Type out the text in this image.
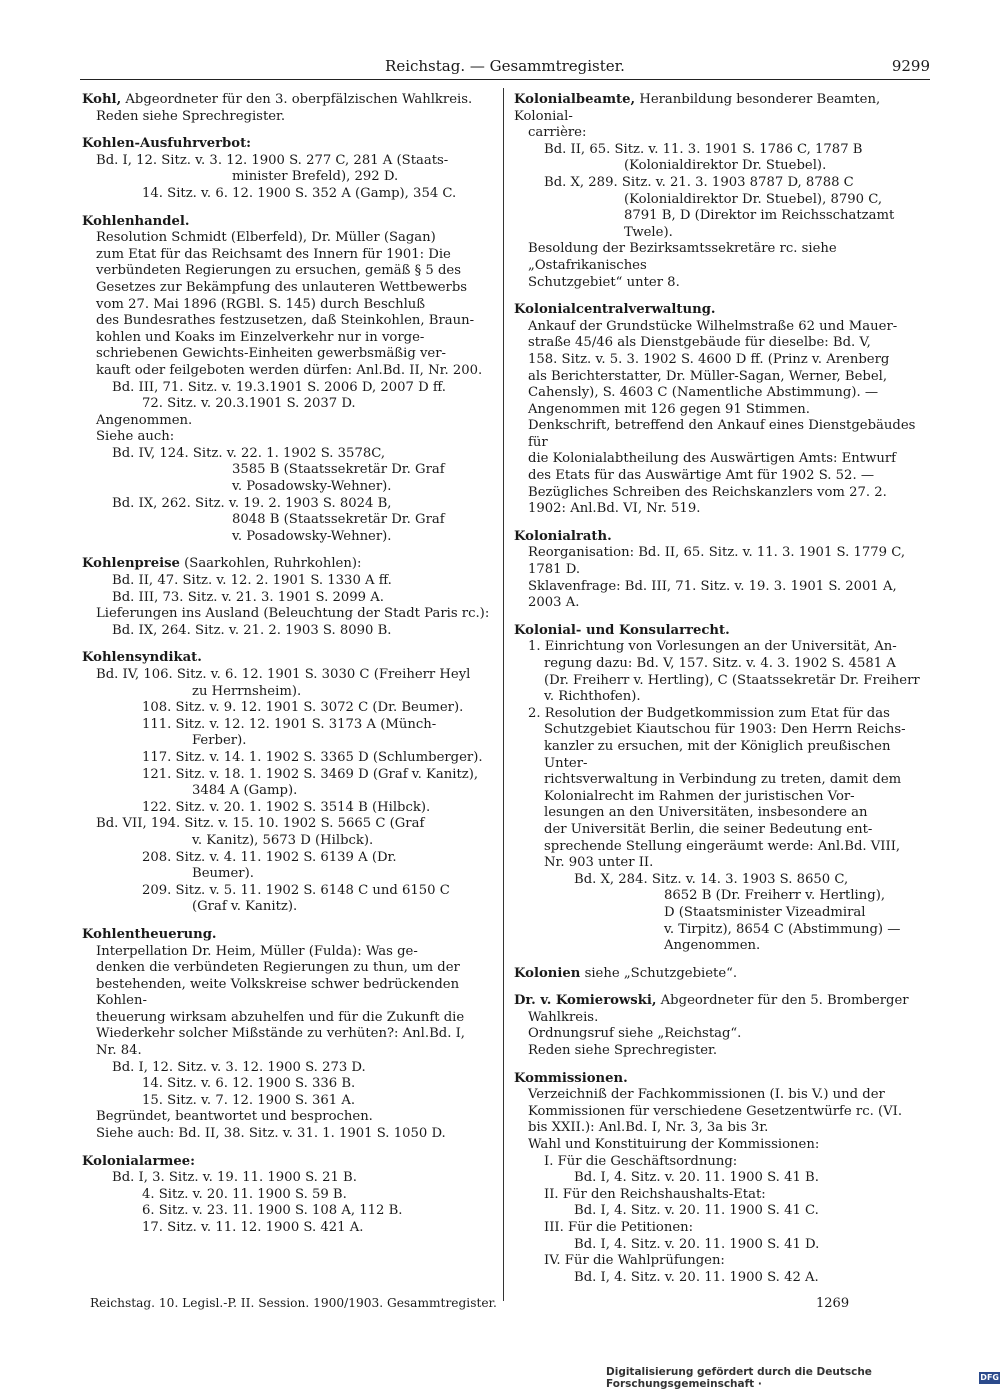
Reichstag. — Gesammtregister.	9299
Kohl, Abgeordneter für den 3. oberpfälzischen Wahlkreis.
Reden siehe Sprechregister.
Kohlen-Ausfuhrverbot:
Bd. I, 12. Sitz. v. 3. 12. 1900 S. 277 C, 281 A (Staats-
minister Brefeld), 292 D.
14. Sitz. v. 6. 12. 1900 S. 352 A (Gamp), 354 C.
Kohlenhandel.
Resolution Schmidt (Elberfeld), Dr. Müller (Sagan)
zum Etat für das Reichsamt des Innern für 1901: Die
verbündeten Regierungen zu ersuchen, gemäß § 5 des
Gesetzes zur Bekämpfung des unlauteren Wettbewerbs
vom 27. Mai 1896 (RGBl. S. 145) durch Beschluß
des Bundesrathes festzusetzen, daß Steinkohlen, Braun-
kohlen und Koaks im Einzelverkehr nur in vorge-
schriebenen Gewichts-Einheiten gewerbsmäßig ver-
kauft oder feilgeboten werden dürfen: Anl.Bd. II, Nr. 200.
Bd. III, 71. Sitz. v. 19.3.1901 S. 2006 D, 2007 D ff.
72. Sitz. v. 20.3.1901 S. 2037 D.
Angenommen.
Siehe auch:
Bd. IV, 124. Sitz. v. 22. 1. 1902 S. 3578C,
3585 B (Staatssekretär Dr. Graf
v. Posadowsky-Wehner).
Bd. IX, 262. Sitz. v. 19. 2. 1903 S. 8024 B,
8048 B (Staatssekretär Dr. Graf
v. Posadowsky-Wehner).
Kohlenpreise (Saarkohlen, Ruhrkohlen):
Bd. II, 47. Sitz. v. 12. 2. 1901 S. 1330 A ff.
Bd. III, 73. Sitz. v. 21. 3. 1901 S. 2099 A.
Lieferungen ins Ausland (Beleuchtung der Stadt Paris rc.):
Bd. IX, 264. Sitz. v. 21. 2. 1903 S. 8090 B.
Kohlensyndikat.
Bd. IV, 106. Sitz. v. 6. 12. 1901 S. 3030 C (Freiherr Heyl
zu Herrnsheim).
108. Sitz. v. 9. 12. 1901 S. 3072 C (Dr. Beumer).
111. Sitz. v. 12. 12. 1901 S. 3173 A (Münch-
Ferber).
117. Sitz. v. 14. 1. 1902 S. 3365 D (Schlumberger).
121. Sitz. v. 18. 1. 1902 S. 3469 D (Graf v. Kanitz),
3484 A (Gamp).
122. Sitz. v. 20. 1. 1902 S. 3514 B (Hilbck).
Bd. VII, 194. Sitz. v. 15. 10. 1902 S. 5665 C (Graf
v. Kanitz), 5673 D (Hilbck).
208. Sitz. v. 4. 11. 1902 S. 6139 A (Dr.
Beumer).
209. Sitz. v. 5. 11. 1902 S. 6148 C und 6150 C
(Graf v. Kanitz).
Kohlentheuerung.
Interpellation Dr. Heim, Müller (Fulda): Was ge-
denken die verbündeten Regierungen zu thun, um der
bestehenden, weite Volkskreise schwer bedrückenden Kohlen-
theuerung wirksam abzuhelfen und für die Zukunft die
Wiederkehr solcher Mißstände zu verhüten?: Anl.Bd. I,
Nr. 84.
Bd. I, 12. Sitz. v. 3. 12. 1900 S. 273 D.
14. Sitz. v. 6. 12. 1900 S. 336 B.
15. Sitz. v. 7. 12. 1900 S. 361 A.
Begründet, beantwortet und besprochen.
Siehe auch: Bd. II, 38. Sitz. v. 31. 1. 1901 S. 1050 D.
Kolonialarmee:
Bd. I, 3. Sitz. v. 19. 11. 1900 S. 21 B.
4. Sitz. v. 20. 11. 1900 S. 59 B.
6. Sitz. v. 23. 11. 1900 S. 108 A, 112 B.
17. Sitz. v. 11. 12. 1900 S. 421 A.
Kolonialbeamte, Heranbildung besonderer Beamten, Kolonial-
carrière:
Bd. II, 65. Sitz. v. 11. 3. 1901 S. 1786 C, 1787 B
(Kolonialdirektor Dr. Stuebel).
Bd. X, 289. Sitz. v. 21. 3. 1903 8787 D, 8788 C
(Kolonialdirektor Dr. Stuebel), 8790 C,
8791 B, D (Direktor im Reichsschatzamt
Twele).
Besoldung der Bezirksamtssekretäre rc. siehe „Ostafrikanisches
Schutzgebiet“ unter 8.
Kolonialcentralverwaltung.
Ankauf der Grundstücke Wilhelmstraße 62 und Mauer-
straße 45/46 als Dienstgebäude für dieselbe: Bd. V,
158. Sitz. v. 5. 3. 1902 S. 4600 D ff. (Prinz v. Arenberg
als Berichterstatter, Dr. Müller-Sagan, Werner, Bebel,
Cahensly), S. 4603 C (Namentliche Abstimmung). —
Angenommen mit 126 gegen 91 Stimmen.
Denkschrift, betreffend den Ankauf eines Dienstgebäudes für
die Kolonialabtheilung des Auswärtigen Amts: Entwurf
des Etats für das Auswärtige Amt für 1902 S. 52. —
Bezügliches Schreiben des Reichskanzlers vom 27. 2.
1902: Anl.Bd. VI, Nr. 519.
Kolonialrath.
Reorganisation: Bd. II, 65. Sitz. v. 11. 3. 1901 S. 1779 C,
1781 D.
Sklavenfrage: Bd. III, 71. Sitz. v. 19. 3. 1901 S. 2001 A,
2003 A.
Kolonial- und Konsularrecht.
1. Einrichtung von Vorlesungen an der Universität, An-
regung dazu: Bd. V, 157. Sitz. v. 4. 3. 1902 S. 4581 A
(Dr. Freiherr v. Hertling), C (Staatssekretär Dr. Freiherr
v. Richthofen).
2. Resolution der Budgetkommission zum Etat für das
Schutzgebiet Kiautschou für 1903: Den Herrn Reichs-
kanzler zu ersuchen, mit der Königlich preußischen Unter-
richtsverwaltung in Verbindung zu treten, damit dem
Kolonialrecht im Rahmen der juristischen Vor-
lesungen an den Universitäten, insbesondere an
der Universität Berlin, die seiner Bedeutung ent-
sprechende Stellung eingeräumt werde: Anl.Bd. VIII,
Nr. 903 unter II.
Bd. X, 284. Sitz. v. 14. 3. 1903 S. 8650 C,
8652 B (Dr. Freiherr v. Hertling),
D (Staatsminister Vizeadmiral
v. Tirpitz), 8654 C (Abstimmung) —
Angenommen.
Kolonien siehe „Schutzgebiete“.
Dr. v. Komierowski, Abgeordneter für den 5. Bromberger
Wahlkreis.
Ordnungsruf siehe „Reichstag“.
Reden siehe Sprechregister.
Kommissionen.
Verzeichniß der Fachkommissionen (I. bis V.) und der
Kommissionen für verschiedene Gesetzentwürfe rc. (VI.
bis XXII.): Anl.Bd. I, Nr. 3, 3a bis 3r.
Wahl und Konstituirung der Kommissionen:
I. Für die Geschäftsordnung:
Bd. I, 4. Sitz. v. 20. 11. 1900 S. 41 B.
II. Für den Reichshaushalts-Etat:
Bd. I, 4. Sitz. v. 20. 11. 1900 S. 41 C.
III. Für die Petitionen:
Bd. I, 4. Sitz. v. 20. 11. 1900 S. 41 D.
IV. Für die Wahlprüfungen:
Bd. I, 4. Sitz. v. 20. 11. 1900 S. 42 A.
Reichstag. 10. Legisl.-P. II. Session. 1900/1903. Gesammtregister.	1269
Digitalisierung gefördert durch die Deutsche Forschungsgemeinschaft ·
DFG
